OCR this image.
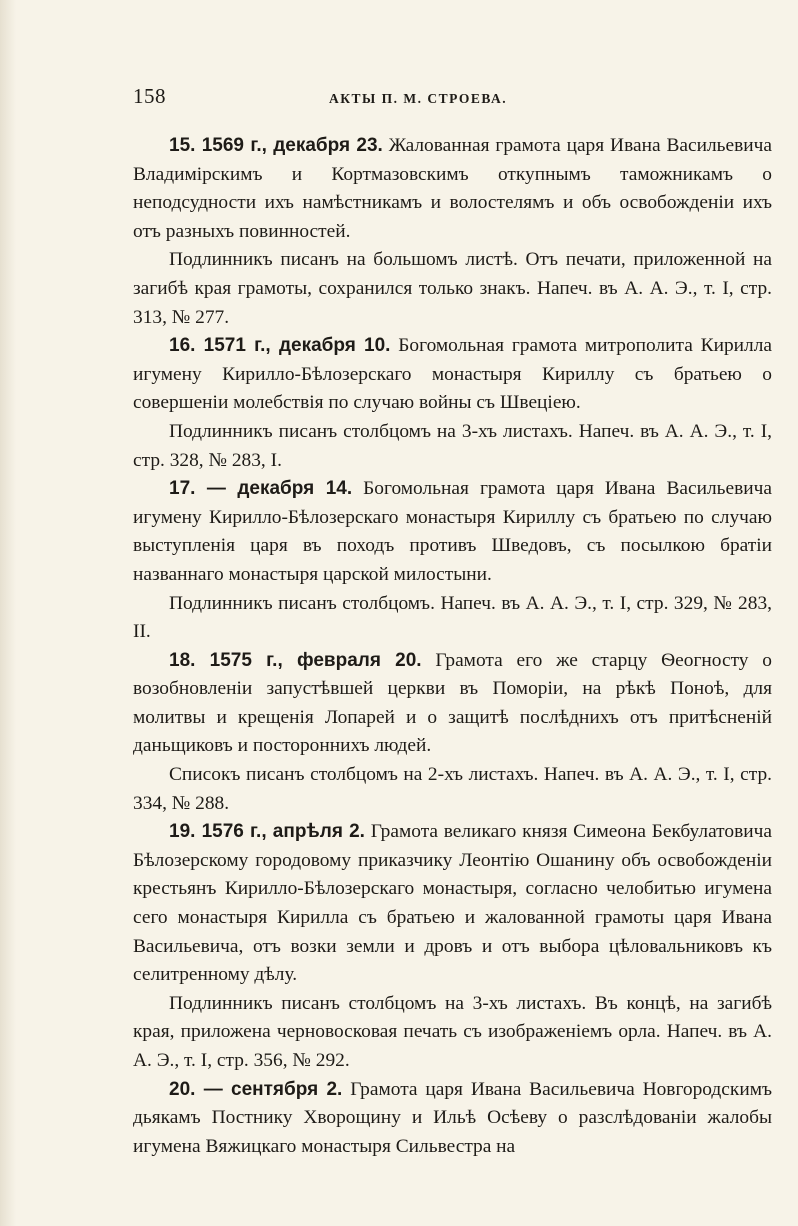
158	АКТЫ П. М. СТРОЕВА.

15. 1569 г., декабря 23. Жалованная грамота царя Ивана Васильевича Владимірскимъ и Кортмазовскимъ откупнымъ таможникамъ о неподсудности ихъ намѣстникамъ и волостелямъ и объ освобожденіи ихъ отъ разныхъ повинностей.

Подлинникъ писанъ на большомъ листѣ. Отъ печати, приложенной на загибѣ края грамоты, сохранился только знакъ. Напеч. въ А. А. Э., т. I, стр. 313, № 277.

16. 1571 г., декабря 10. Богомольная грамота митрополита Кирилла игумену Кирилло-Бѣлозерскаго монастыря Кириллу съ братьею о совершеніи молебствія по случаю войны съ Швеціею.

Подлинникъ писанъ столбцомъ на 3-хъ листахъ. Напеч. въ А. А. Э., т. I, стр. 328, № 283, I.

17. — декабря 14. Богомольная грамота царя Ивана Васильевича игумену Кирилло-Бѣлозерскаго монастыря Кириллу съ братьею по случаю выступленія царя въ походъ противъ Шведовъ, съ посылкою братіи названнаго монастыря царской милостыни.

Подлинникъ писанъ столбцомъ. Напеч. въ А. А. Э., т. I, стр. 329, № 283, II.

18. 1575 г., февраля 20. Грамота его же старцу Ѳеогносту о возобновленіи запустѣвшей церкви въ Поморіи, на рѣкѣ Понoѣ, для молитвы и крещенія Лопарей и о защитѣ послѣднихъ отъ притѣсненій даньщиковъ и постороннихъ людей.

Списокъ писанъ столбцомъ на 2-хъ листахъ. Напеч. въ А. А. Э., т. I, стр. 334, № 288.

19. 1576 г., апрѣля 2. Грамота великаго князя Симеона Бекбулатовича Бѣлозерскому городовому приказчику Леонтію Ошанину объ освобожденіи крестьянъ Кирилло-Бѣлозерскаго монастыря, согласно челобитью игумена сего монастыря Кирилла съ братьею и жалованной грамоты царя Ивана Васильевича, отъ возки земли и дровъ и отъ выбора цѣловальниковъ къ селитренному дѣлу.

Подлинникъ писанъ столбцомъ на 3-хъ листахъ. Въ концѣ, на загибѣ края, приложена черновосковая печать съ изображеніемъ орла. Напеч. въ А. А. Э., т. I, стр. 356, № 292.

20. — сентября 2. Грамота царя Ивана Васильевича Новгородскимъ дьякамъ Постнику Хворощину и Ильѣ Осѣеву о разслѣдованіи жалобы игумена Вяжицкаго монастыря Сильвестра на
